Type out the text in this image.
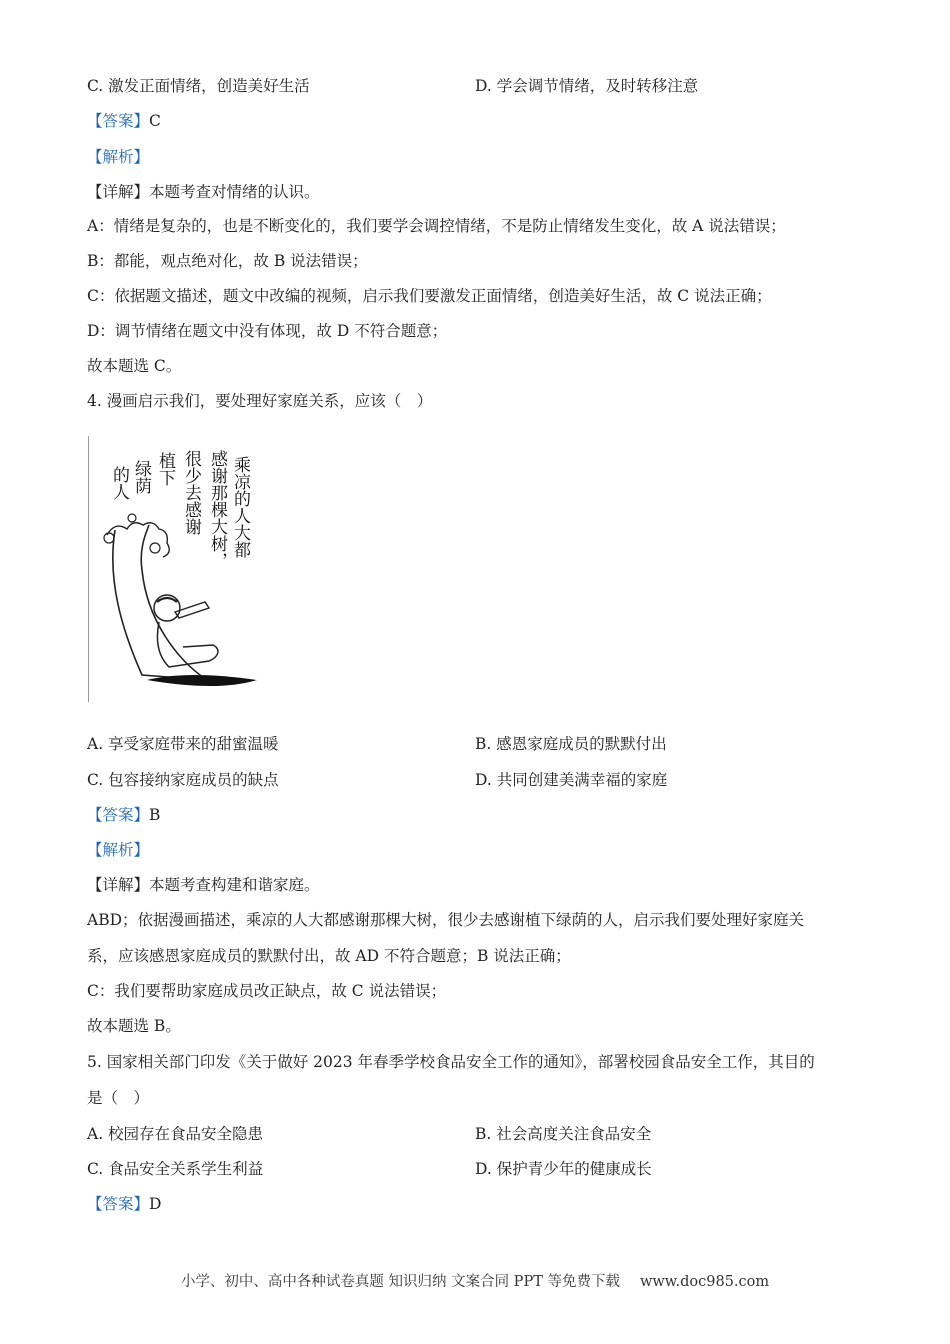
C. 激发正面情绪，创造美好生活	D. 学会调节情绪，及时转移注意
【答案】C
【解析】
【详解】本题考查对情绪的认识。
A：情绪是复杂的，也是不断变化的，我们要学会调控情绪，不是防止情绪发生变化，故 A 说法错误；
B：都能，观点绝对化，故 B 说法错误；
C：依据题文描述，题文中改编的视频，启示我们要激发正面情绪，创造美好生活，故 C 说法正确；
D：调节情绪在题文中没有体现，故 D 不符合题意；
故本题选 C。
4. 漫画启示我们，要处理好家庭关系，应该（　）
乘凉的人大都
感谢那棵大树，
很少去感谢
植下
绿荫
的人
A. 享受家庭带来的甜蜜温暖	B. 感恩家庭成员的默默付出
C. 包容接纳家庭成员的缺点	D. 共同创建美满幸福的家庭
【答案】B
【解析】
【详解】本题考查构建和谐家庭。
ABD；依据漫画描述，乘凉的人大都感谢那棵大树，很少去感谢植下绿荫的人，启示我们要处理好家庭关
系，应该感恩家庭成员的默默付出，故 AD 不符合题意；B 说法正确；
C：我们要帮助家庭成员改正缺点，故 C 说法错误；
故本题选 B。
5. 国家相关部门印发《关于做好 2023 年春季学校食品安全工作的通知》，部署校园食品安全工作，其目的
是（　）
A. 校园存在食品安全隐患	B. 社会高度关注食品安全
C. 食品安全关系学生利益	D. 保护青少年的健康成长
【答案】D
小学、初中、高中各种试卷真题 知识归纳 文案合同 PPT 等免费下载 www.doc985.com
